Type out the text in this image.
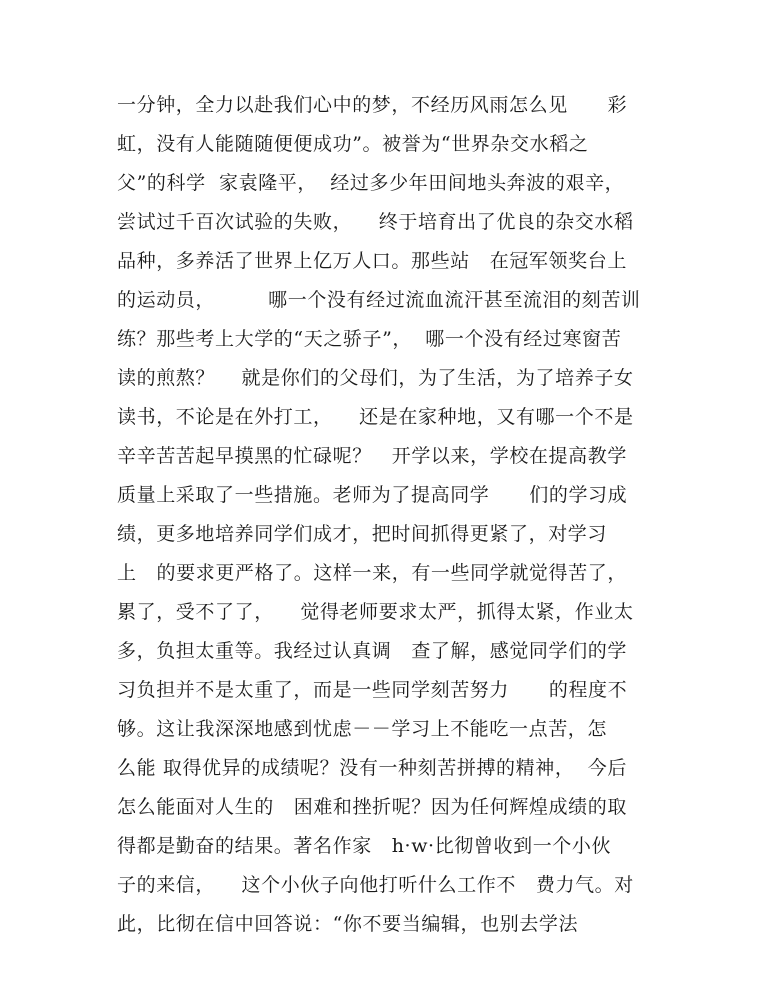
一分钟，全力以赴我们心中的梦，不经历风雨怎么见      彩
虹，没有人能随随便便成功”。被誉为“世界杂交水稻之
父”的科学  家袁隆平，  经过多少年田间地头奔波的艰辛，
尝试过千百次试验的失败，    终于培育出了优良的杂交水稻
品种，多养活了世界上亿万人口。那些站   在冠军领奖台上
的运动员，        哪一个没有经过流血流汗甚至流泪的刻苦训
练？那些考上大学的“天之骄子”，  哪一个没有经过寒窗苦
读的煎熬？    就是你们的父母们，为了生活，为了培养子女
读书，不论是在外打工，    还是在家种地，又有哪一个不是
辛辛苦苦起早摸黑的忙碌呢？   开学以来，学校在提高教学
质量上采取了一些措施。老师为了提高同学      们的学习成
绩，更多地培养同学们成才，把时间抓得更紧了，对学习
上   的要求更严格了。这样一来，有一些同学就觉得苦了，
累了，受不了了，    觉得老师要求太严，抓得太紧，作业太
多，负担太重等。我经过认真调   查了解，感觉同学们的学
习负担并不是太重了，而是一些同学刻苦努力      的程度不
够。这让我深深地感到忧虑－－学习上不能吃一点苦，怎
么能 取得优异的成绩呢？没有一种刻苦拼搏的精神，  今后
怎么能面对人生的   困难和挫折呢？因为任何辉煌成绩的取
得都是勤奋的结果。著名作家   h·w·比彻曾收到一个小伙
子的来信，    这个小伙子向他打听什么工作不   费力气。对
此，比彻在信中回答说：“你不要当编辑，也别去学法
